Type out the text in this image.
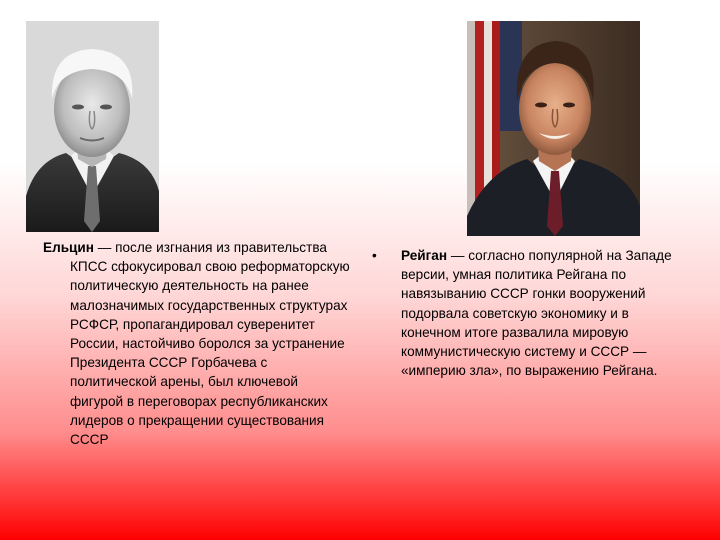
Ельцин — после изгнания из правительства КПСС сфокусировал свою реформаторскую политическую деятельность на ранее малозначимых государственных структурах РСФСР, пропагандировал суверенитет России, настойчиво боролся за устранение Президента СССР Горбачева с политической арены, был ключевой фигурой в переговорах республиканских лидеров о прекращении существования СССР

• Рейган — согласно популярной на Западе версии, умная политика Рейгана по навязыванию СССР гонки вооружений подорвала советскую экономику и в конечном итоге развалила мировую коммунистическую систему и СССР — «империю зла», по выражению Рейгана.
